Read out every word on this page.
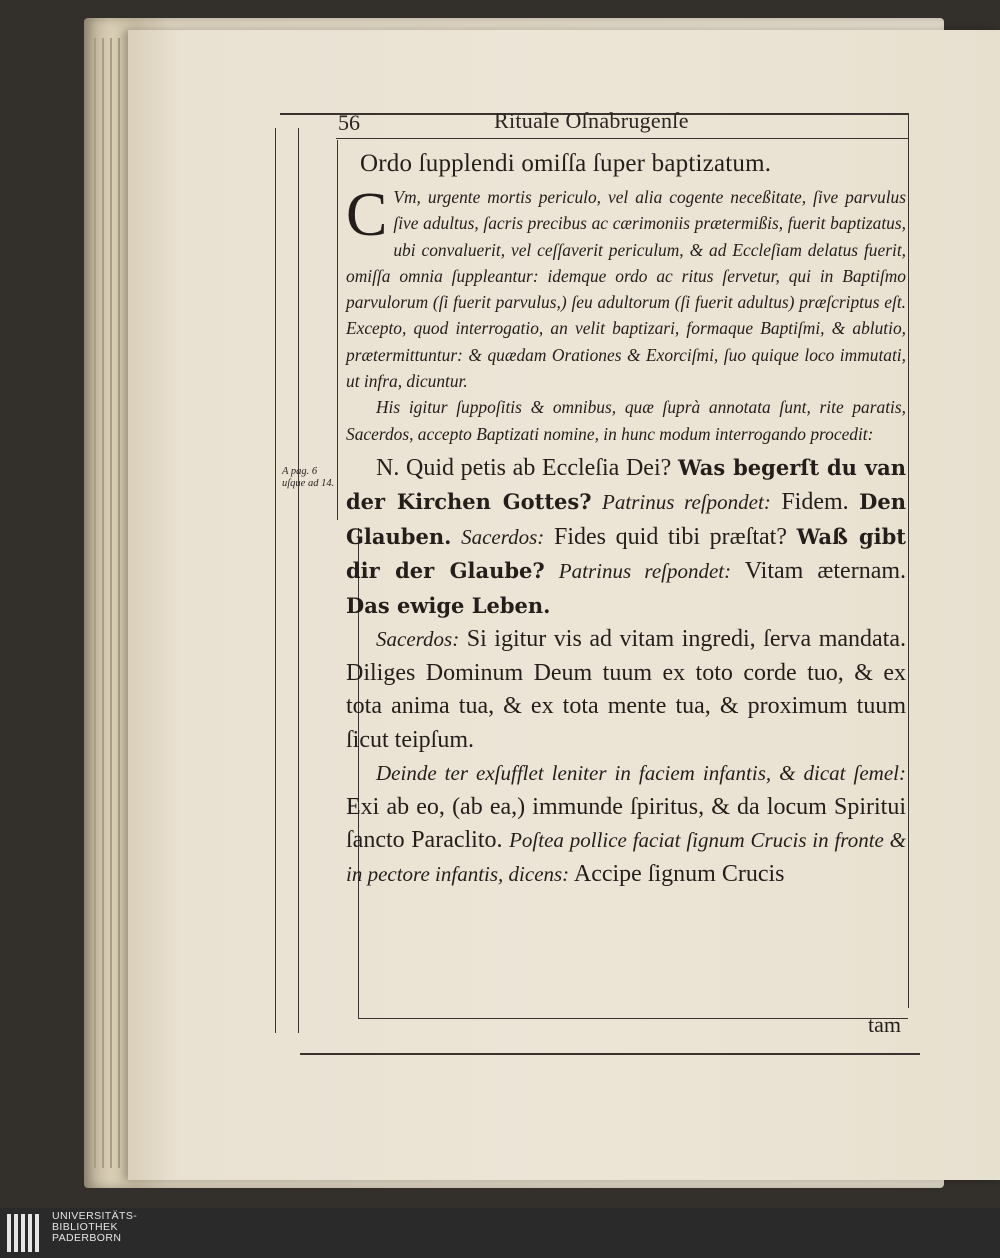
56	Rituale Oſnabrugenſe
A pag. 6 uſque ad 14.
Ordo ſupplendi omiſſa ſuper baptizatum.

C Vm, urgente mortis periculo, vel alia cogente neceßitate, ſive parvulus ſive adultus, ſacris precibus ac cærimoniis prætermißis, fuerit baptizatus, ubi convaluerit, vel ceſſaverit periculum, & ad Eccleſiam delatus fuerit, omiſſa omnia ſuppleantur: idemque ordo ac ritus ſervetur, qui in Baptiſmo parvulorum (ſi fuerit parvulus,) ſeu adultorum (ſi fuerit adultus) præſcriptus eſt. Excepto, quod interrogatio, an velit baptizari, formaque Baptiſmi, & ablutio, prætermittuntur: & quædam Orationes & Exorciſmi, ſuo quique loco immutati, ut infra, dicuntur.

His igitur ſuppoſitis & omnibus, quæ ſuprà annotata ſunt, rite paratis, Sacerdos, accepto Baptizati nomine, in hunc modum interrogando procedit:

N. Quid petis ab Eccleſia Dei? Was begerſt du van der Kirchen Gottes? Patrinus reſpondet: Fidem. Den Glauben. Sacerdos: Fides quid tibi præſtat? Waß gibt dir der Glaube? Patrinus reſpondet: Vitam æternam. Das ewige Leben.

Sacerdos: Si igitur vis ad vitam ingredi, ſerva mandata. Diliges Dominum Deum tuum ex toto corde tuo, & ex tota anima tua, & ex tota mente tua, & proximum tuum ſicut teipſum.

Deinde ter exſufflet leniter in faciem infantis, & dicat ſemel: Exi ab eo, (ab ea,) immunde ſpiritus, & da locum Spiritui ſancto Paraclito. Poſtea pollice faciat ſignum Crucis in fronte & in pectore infantis, dicens: Accipe ſignum Crucis

tam
UNIVERSITÄTS-
BIBLIOTHEK
PADERBORN
